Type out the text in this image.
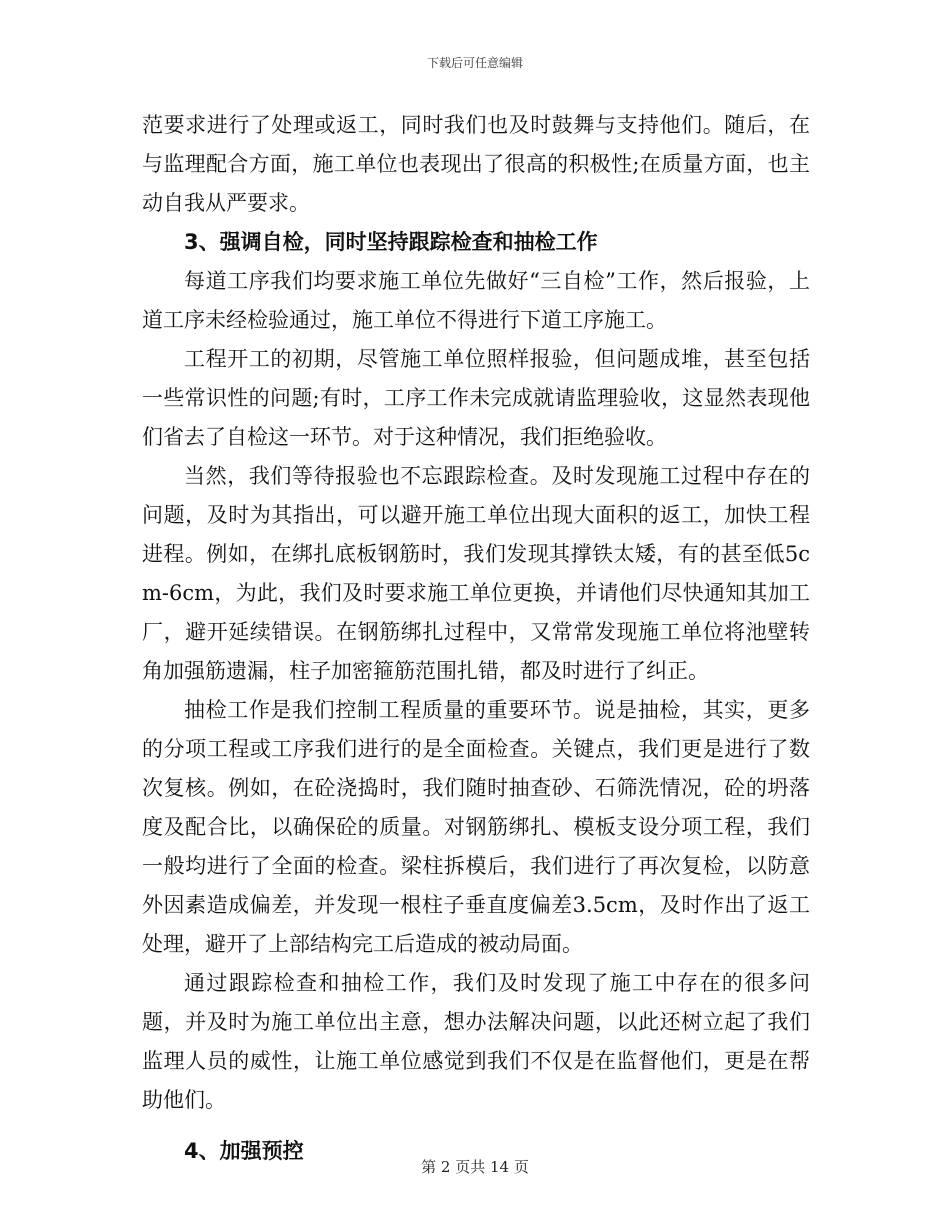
下载后可任意编辑

范要求进行了处理或返工，同时我们也及时鼓舞与支持他们。随后，在与监理配合方面，施工单位也表现出了很高的积极性;在质量方面，也主动自我从严要求。

3、强调自检，同时坚持跟踪检查和抽检工作

每道工序我们均要求施工单位先做好“三自检”工作，然后报验，上道工序未经检验通过，施工单位不得进行下道工序施工。

工程开工的初期，尽管施工单位照样报验，但问题成堆，甚至包括一些常识性的问题;有时，工序工作未完成就请监理验收，这显然表现他们省去了自检这一环节。对于这种情况，我们拒绝验收。

当然，我们等待报验也不忘跟踪检查。及时发现施工过程中存在的问题，及时为其指出，可以避开施工单位出现大面积的返工，加快工程进程。例如，在绑扎底板钢筋时，我们发现其撑铁太矮，有的甚至低5cm-6cm，为此，我们及时要求施工单位更换，并请他们尽快通知其加工厂，避开延续错误。在钢筋绑扎过程中，又常常发现施工单位将池壁转角加强筋遗漏，柱子加密箍筋范围扎错，都及时进行了纠正。

抽检工作是我们控制工程质量的重要环节。说是抽检，其实，更多的分项工程或工序我们进行的是全面检查。关键点，我们更是进行了数次复核。例如，在砼浇捣时，我们随时抽查砂、石筛洗情况，砼的坍落度及配合比，以确保砼的质量。对钢筋绑扎、模板支设分项工程，我们一般均进行了全面的检查。梁柱拆模后，我们进行了再次复检，以防意外因素造成偏差，并发现一根柱子垂直度偏差3.5cm，及时作出了返工处理，避开了上部结构完工后造成的被动局面。

通过跟踪检查和抽检工作，我们及时发现了施工中存在的很多问题，并及时为施工单位出主意，想办法解决问题，以此还树立起了我们监理人员的威性，让施工单位感觉到我们不仅是在监督他们，更是在帮助他们。

4、加强预控

第 2 页共 14 页
